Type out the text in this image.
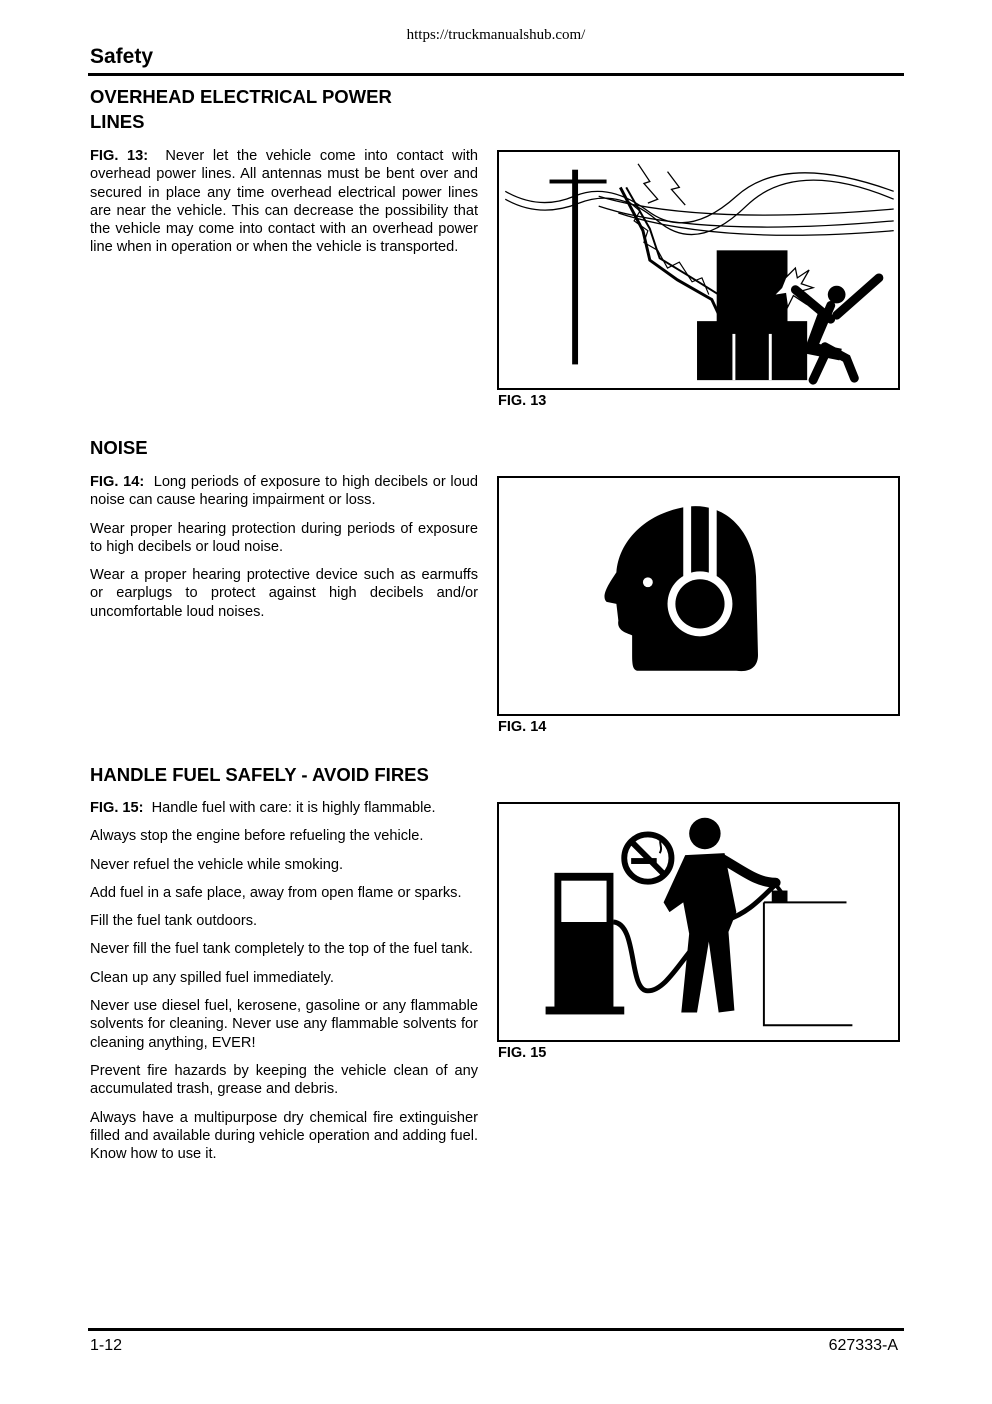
https://truckmanualshub.com/
Safety
OVERHEAD ELECTRICAL POWER LINES

FIG. 13: Never let the vehicle come into contact with overhead power lines. All antennas must be bent over and secured in place any time overhead electrical power lines are near the vehicle. This can decrease the possibility that the vehicle may come into contact with an overhead power line when in operation or when the vehicle is transported.

FIG. 13
NOISE

FIG. 14: Long periods of exposure to high decibels or loud noise can cause hearing impairment or loss.

Wear proper hearing protection during periods of exposure to high decibels or loud noise.

Wear a proper hearing protective device such as earmuffs or earplugs to protect against high decibels and/or uncomfortable loud noises.

FIG. 14
HANDLE FUEL SAFELY - AVOID FIRES

FIG. 15: Handle fuel with care: it is highly flammable.

Always stop the engine before refueling the vehicle.

Never refuel the vehicle while smoking.

Add fuel in a safe place, away from open flame or sparks.

Fill the fuel tank outdoors.

Never fill the fuel tank completely to the top of the fuel tank.

Clean up any spilled fuel immediately.

Never use diesel fuel, kerosene, gasoline or any flammable solvents for cleaning. Never use any flammable solvents for cleaning anything, EVER!

Prevent fire hazards by keeping the vehicle clean of any accumulated trash, grease and debris.

Always have a multipurpose dry chemical fire extinguisher filled and available during vehicle operation and adding fuel. Know how to use it.

FIG. 15
1-12	627333-A
